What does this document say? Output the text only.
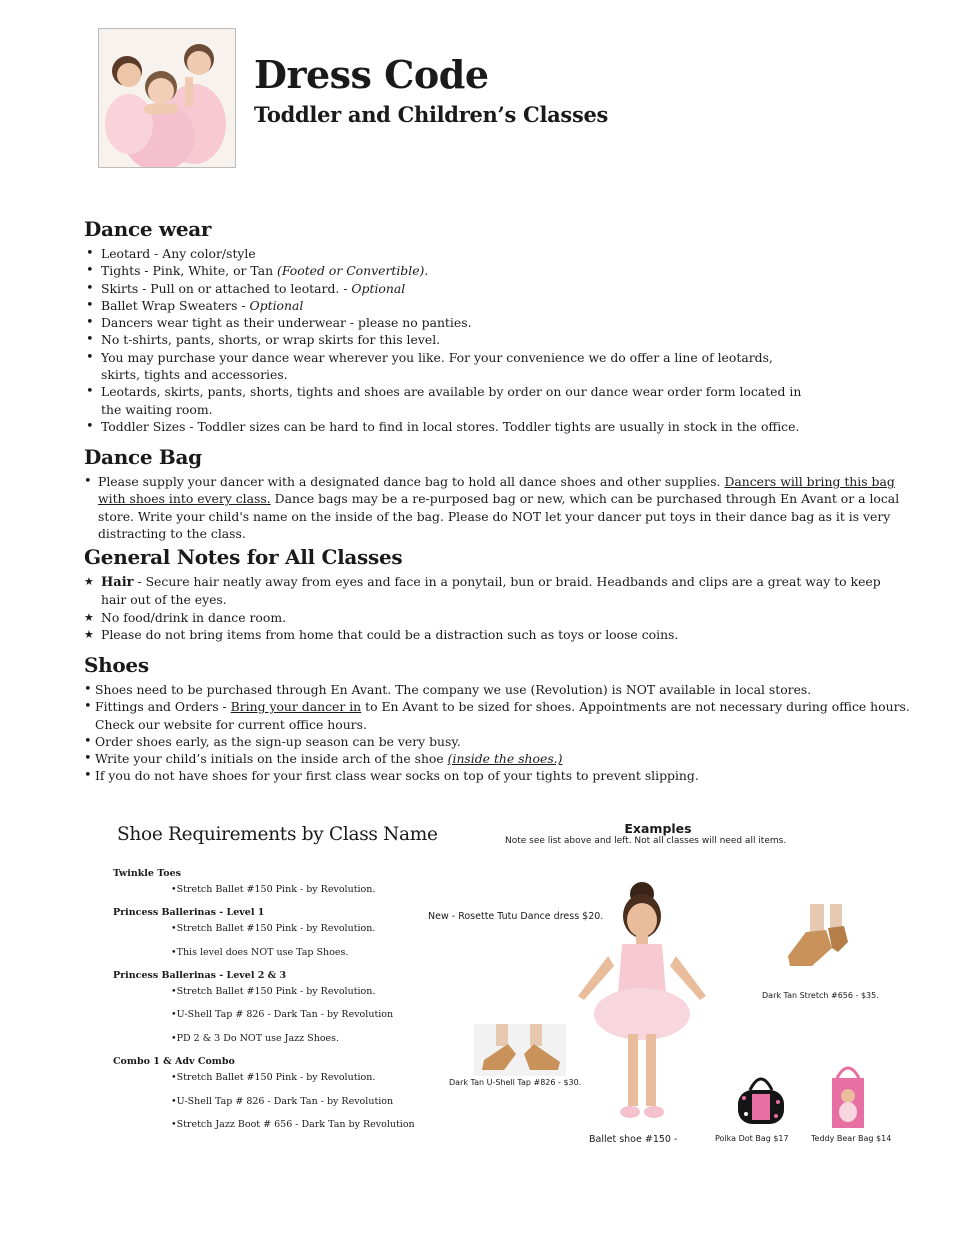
Dress Code
Toddler and Children’s Classes
Dance wear
• Leotard - Any color/style
• Tights - Pink, White, or Tan (Footed or Convertible).
• Skirts - Pull on or attached to leotard. - Optional
• Ballet Wrap Sweaters - Optional
• Dancers wear tight as their underwear - please no panties.
• No t-shirts, pants, shorts, or wrap skirts for this level.
• You may purchase your dance wear wherever you like. For your convenience we do offer a line of leotards,
skirts, tights and accessories.
• Leotards, skirts, pants, shorts, tights and shoes are available by order on our dance wear order form located in
the waiting room.
• Toddler Sizes - Toddler sizes can be hard to find in local stores. Toddler tights are usually in stock in the office.
Dance Bag
• Please supply your dancer with a designated dance bag to hold all dance shoes and other supplies. Dancers will bring this bag with shoes into every class. Dance bags may be a re-purposed bag or new, which can be purchased through En Avant or a local store. Write your child's name on the inside of the bag. Please do NOT let your dancer put toys in their dance bag as it is very distracting to the class.
General Notes for All Classes
★ Hair - Secure hair neatly away from eyes and face in a ponytail, bun or braid. Headbands and clips are a great way to keep hair out of the eyes.
★ No food/drink in dance room.
★ Please do not bring items from home that could be a distraction such as toys or loose coins.
Shoes
• Shoes need to be purchased through En Avant. The company we use (Revolution) is NOT available in local stores.
• Fittings and Orders - Bring your dancer in to En Avant to be sized for shoes. Appointments are not necessary during office hours.
Check our website for current office hours.
• Order shoes early, as the sign-up season can be very busy.
• Write your child’s initials on the inside arch of the shoe (inside the shoes.)
• If you do not have shoes for your first class wear socks on top of your tights to prevent slipping.
Shoe Requirements by Class Name
Twinkle Toes
•Stretch Ballet #150 Pink - by Revolution.
Princess Ballerinas - Level 1
•Stretch Ballet #150 Pink - by Revolution.
•This level does NOT use Tap Shoes.
Princess Ballerinas - Level 2 & 3
•Stretch Ballet #150 Pink - by Revolution.
•U-Shell Tap # 826 - Dark Tan - by Revolution
•PD 2 & 3 Do NOT use Jazz Shoes.
Combo 1 & Adv Combo
•Stretch Ballet #150 Pink - by Revolution.
•U-Shell Tap # 826 - Dark Tan - by Revolution
•Stretch Jazz Boot # 656 - Dark Tan by Revolution
Examples
Note see list above and left. Not all classes will need all items.
New - Rosette Tutu Dance dress $20.
Dark Tan Stretch #656 - $35.
Dark Tan U-Shell Tap #826 - $30.
Ballet shoe #150 -	Polka Dot Bag $17	Teddy Bear Bag $14
